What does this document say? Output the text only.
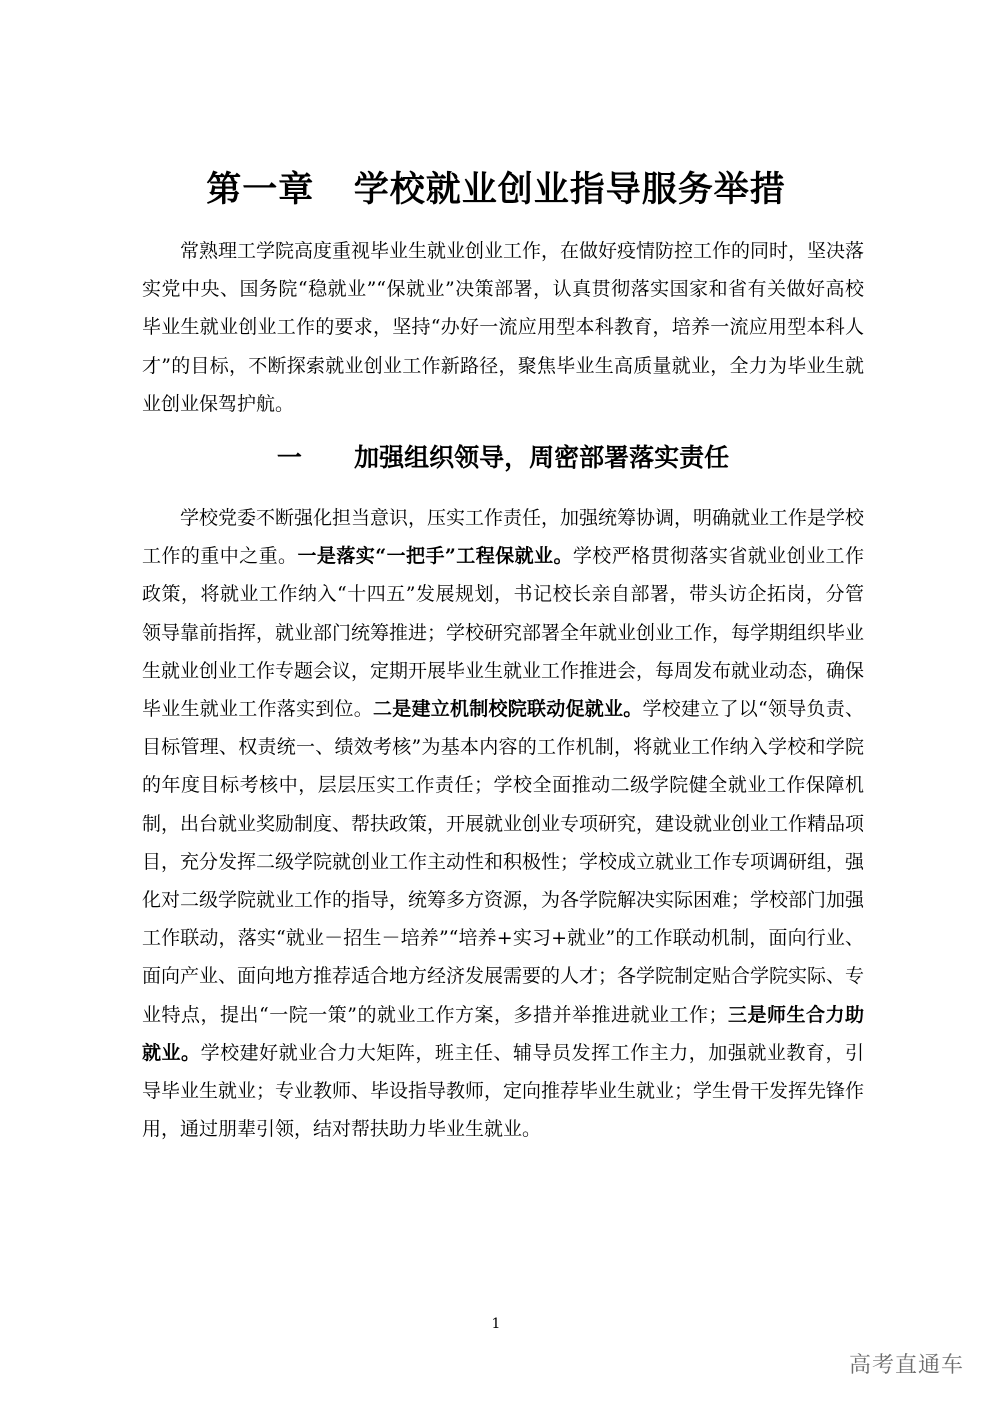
第一章   学校就业创业指导服务举措

常熟理工学院高度重视毕业生就业创业工作，在做好疫情防控工作的同时，坚决落实党中央、国务院“稳就业”“保就业”决策部署，认真贯彻落实国家和省有关做好高校毕业生就业创业工作的要求，坚持“办好一流应用型本科教育，培养一流应用型本科人才”的目标，不断探索就业创业工作新路径，聚焦毕业生高质量就业，全力为毕业生就业创业保驾护航。

一      加强组织领导，周密部署落实责任

学校党委不断强化担当意识，压实工作责任，加强统筹协调，明确就业工作是学校工作的重中之重。一是落实“一把手”工程保就业。学校严格贯彻落实省就业创业工作政策，将就业工作纳入“十四五”发展规划，书记校长亲自部署，带头访企拓岗，分管领导靠前指挥，就业部门统筹推进；学校研究部署全年就业创业工作，每学期组织毕业生就业创业工作专题会议，定期开展毕业生就业工作推进会，每周发布就业动态，确保毕业生就业工作落实到位。二是建立机制校院联动促就业。学校建立了以“领导负责、目标管理、权责统一、绩效考核”为基本内容的工作机制，将就业工作纳入学校和学院的年度目标考核中，层层压实工作责任；学校全面推动二级学院健全就业工作保障机制，出台就业奖励制度、帮扶政策，开展就业创业专项研究，建设就业创业工作精品项目，充分发挥二级学院就创业工作主动性和积极性；学校成立就业工作专项调研组，强化对二级学院就业工作的指导，统筹多方资源，为各学院解决实际困难；学校部门加强工作联动，落实“就业－招生－培养”“培养+实习+就业”的工作联动机制，面向行业、面向产业、面向地方推荐适合地方经济发展需要的人才；各学院制定贴合学院实际、专业特点，提出“一院一策”的就业工作方案，多措并举推进就业工作；三是师生合力助就业。学校建好就业合力大矩阵，班主任、辅导员发挥工作主力，加强就业教育，引导毕业生就业；专业教师、毕设指导教师，定向推荐毕业生就业；学生骨干发挥先锋作用，通过朋辈引领，结对帮扶助力毕业生就业。

1
高考直通车
